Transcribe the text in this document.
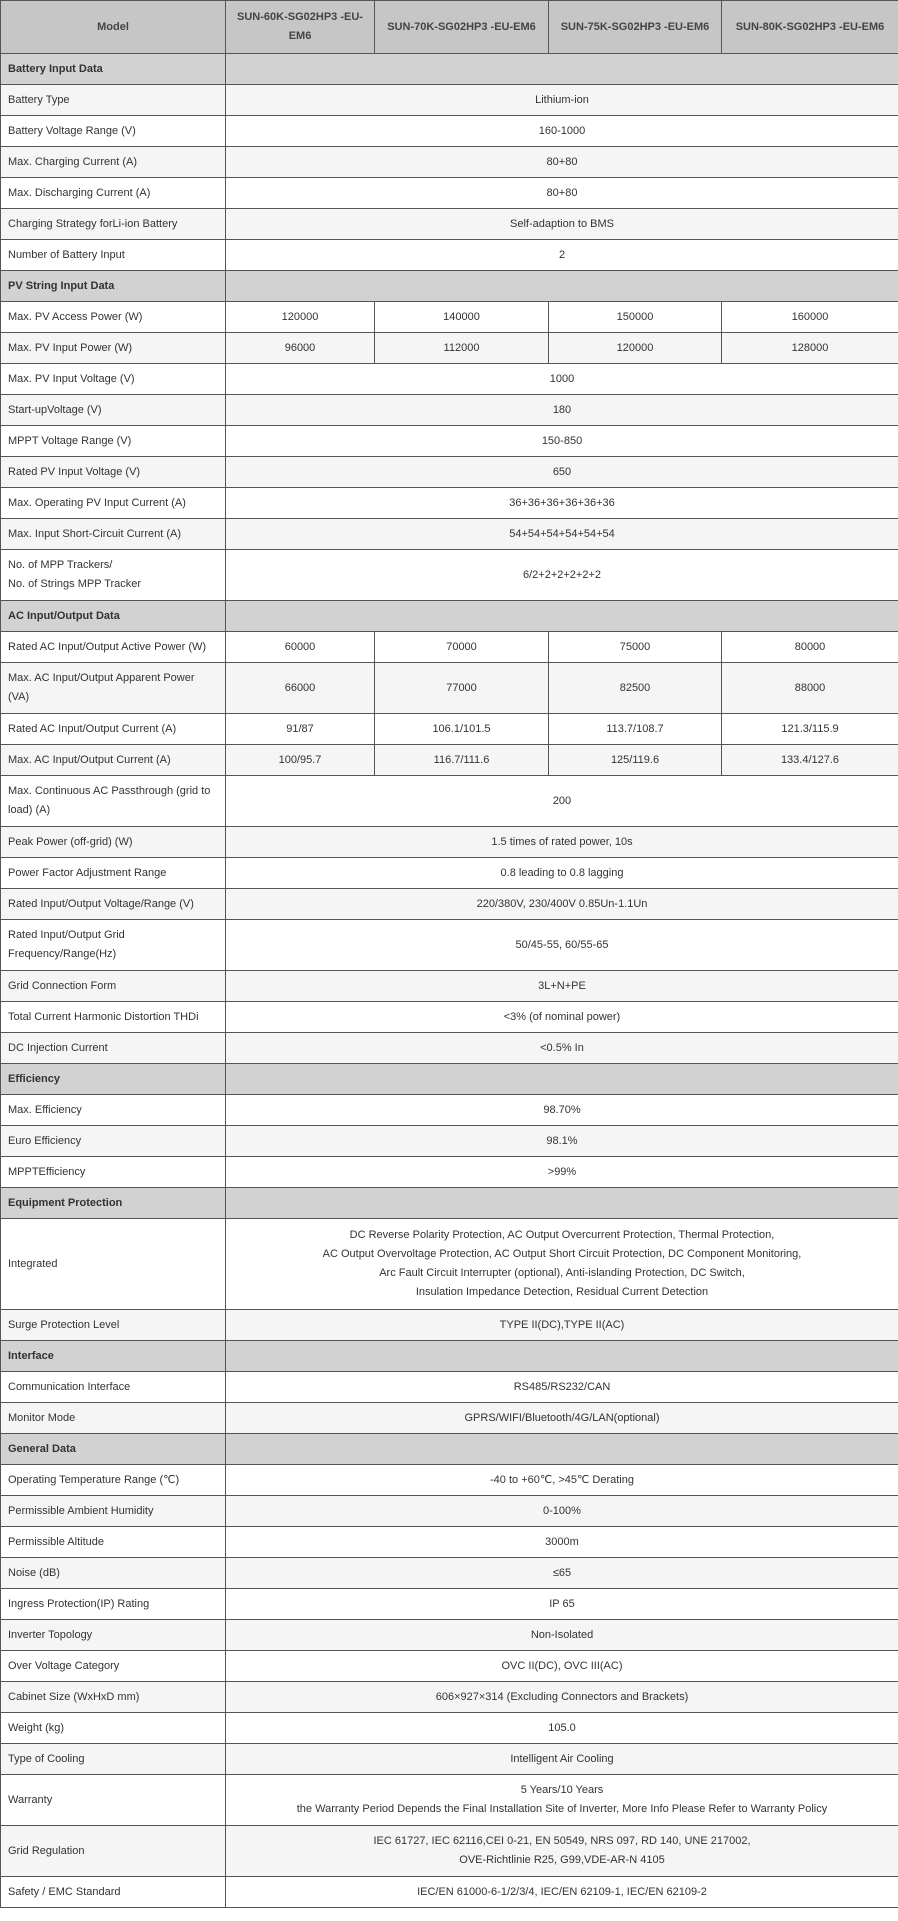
Model	SUN-60K-SG02HP3 -EU-EM6	SUN-70K-SG02HP3 -EU-EM6	SUN-75K-SG02HP3 -EU-EM6	SUN-80K-SG02HP3 -EU-EM6
Battery Input Data				
Battery Type	Lithium-ion			
Battery Voltage Range (V)	160-1000			
Max. Charging Current (A)	80+80			
Max. Discharging Current (A)	80+80			
Charging Strategy forLi-ion Battery	Self-adaption to BMS			
Number of Battery Input	2			
PV String Input Data				
Max. PV Access Power (W)	120000	140000	150000	160000
Max. PV Input Power (W)	96000	112000	120000	128000
Max. PV Input Voltage (V)	1000			
Start-upVoltage (V)	180			
MPPT Voltage Range (V)	150-850			
Rated PV Input Voltage (V)	650			
Max. Operating PV Input Current (A)	36+36+36+36+36+36			
Max. Input Short-Circuit Current (A)	54+54+54+54+54+54			

No. of MPP Trackers/
No. of Strings MPP Tracker	6/2+2+2+2+2+2			
AC Input/Output Data				
Rated AC Input/Output Active Power (W)	60000	70000	75000	80000

Max. AC Input/Output Apparent Power
(VA)	66000	77000	82500	88000
Rated AC Input/Output Current (A)	91/87	106.1/101.5	113.7/108.7	121.3/115.9
Max. AC Input/Output Current (A)	100/95.7	116.7/111.6	125/119.6	133.4/127.6

Max. Continuous AC Passthrough (grid to
load) (A)	200			
Peak Power (off-grid) (W)	1.5 times of rated power, 10s			
Power Factor Adjustment Range	0.8 leading to 0.8 lagging			
Rated Input/Output Voltage/Range (V)	220/380V, 230/400V 0.85Un-1.1Un			

Rated Input/Output Grid
Frequency/Range(Hz)	50/45-55, 60/55-65			
Grid Connection Form	3L+N+PE			
Total Current Harmonic Distortion THDi	<3% (of nominal power)			
DC Injection Current	<0.5% In			
Efficiency				
Max. Efficiency	98.70%			
Euro Efficiency	98.1%			
MPPTEfficiency	>99%			
Equipment Protection				
Integrated	DC Reverse Polarity Protection, AC Output Overcurrent Protection, Thermal Protection,
AC Output Overvoltage Protection, AC Output Short Circuit Protection, DC Component Monitoring,
Arc Fault Circuit Interrupter (optional), Anti-islanding Protection, DC Switch,
Insulation Impedance Detection, Residual Current Detection			

Surge Protection Level	TYPE II(DC),TYPE II(AC)			
Interface				
Communication Interface	RS485/RS232/CAN			
Monitor Mode	GPRS/WIFI/Bluetooth/4G/LAN(optional)			
General Data				
Operating Temperature Range (℃)	-40 to +60℃, >45℃ Derating			
Permissible Ambient Humidity	0-100%			
Permissible Altitude	3000m			
Noise (dB)	≤65			
Ingress Protection(IP) Rating	IP 65			
Inverter Topology	Non-Isolated			
Over Voltage Category	OVC II(DC), OVC III(AC)			
Cabinet Size (WxHxD mm)	606×927×314 (Excluding Connectors and Brackets)			
Weight (kg)	105.0			
Type of Cooling	Intelligent Air Cooling			
Warranty	5 Years/10 Years
the Warranty Period Depends the Final Installation Site of Inverter, More Info Please Refer to Warranty Policy			

Grid Regulation	IEC 61727, IEC 62116,CEI 0-21, EN 50549, NRS 097, RD 140, UNE 217002,
OVE-Richtlinie R25, G99,VDE-AR-N 4105			

Safety / EMC Standard	IEC/EN 61000-6-1/2/3/4, IEC/EN 62109-1, IEC/EN 62109-2			
